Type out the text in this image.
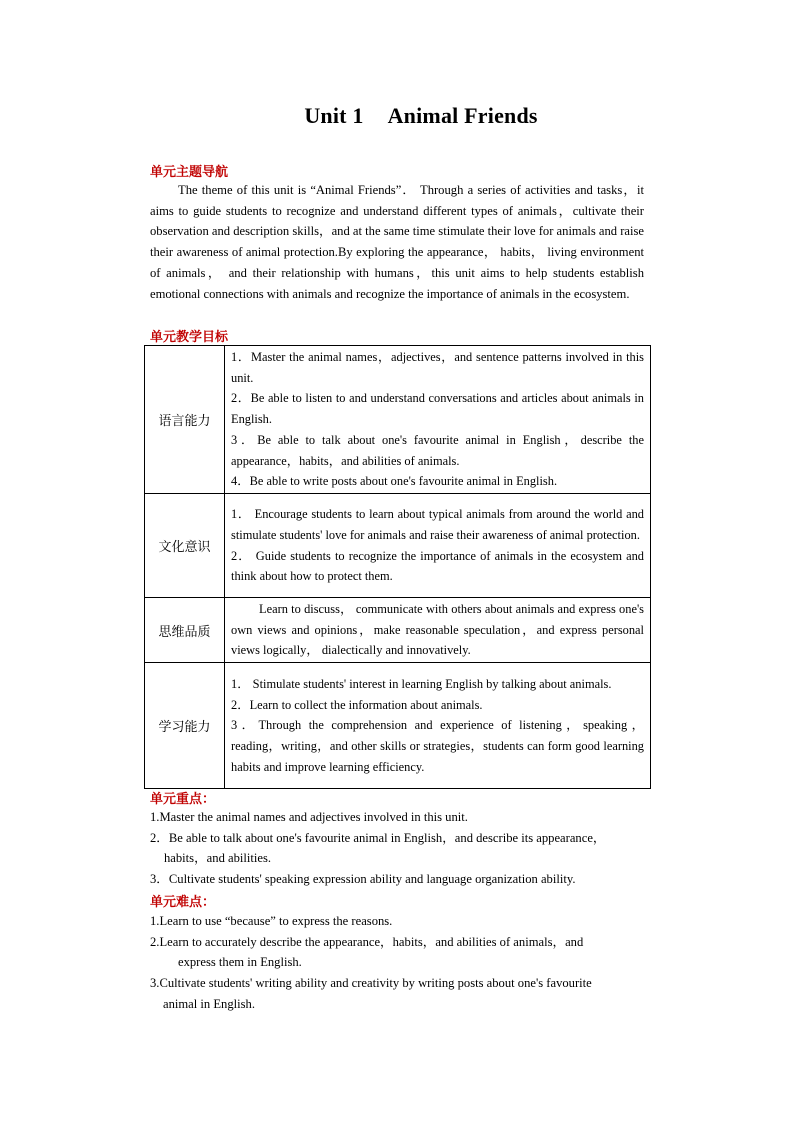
Unit 1 Animal Friends
单元主题导航
The theme of this unit is “Animal Friends”． Through a series of activities and tasks，it aims to guide students to recognize and understand different types of animals，cultivate their observation and description skills，and at the same time stimulate their love for animals and raise their awareness of animal protection.By exploring the appearance， habits， living environment of animals， and their relationship with humans，this unit aims to help students establish emotional connections with animals and recognize the importance of animals in the ecosystem.
单元教学目标
语言能力	1．Master the animal names，adjectives，and sentence patterns involved in this unit.
2．Be able to listen to and understand conversations and articles about animals in English.
3．Be able to talk about one's favourite animal in English，describe the appearance，habits，and abilities of animals.
4．Be able to write posts about one's favourite animal in English.

文化意识	1． Encourage students to learn about typical animals from around the world and stimulate students' love for animals and raise their awareness of animal protection.
2． Guide students to recognize the importance of animals in the ecosystem and think about how to protect them.

思维品质	Learn to discuss， communicate with others about animals and express one's own views and opinions，make reasonable speculation，and express personal views logically， dialectically and innovatively.

学习能力	1． Stimulate students' interest in learning English by talking about animals.
2．Learn to collect the information about animals.
3．Through the comprehension and experience of listening，speaking，reading，writing，and other skills or strategies，students can form good learning habits and improve learning efficiency.
单元重点：
1.Master the animal names and adjectives involved in this unit.
2．Be able to talk about one's favourite animal in English，and describe its appearance，
habits，and abilities.
3．Cultivate students' speaking expression ability and language organization ability.
单元难点：
1.Learn to use “because” to express the reasons.
2.Learn to accurately describe the appearance，habits，and abilities of animals，and
express them in English.
3.Cultivate students' writing ability and creativity by writing posts about one's favourite
animal in English.
